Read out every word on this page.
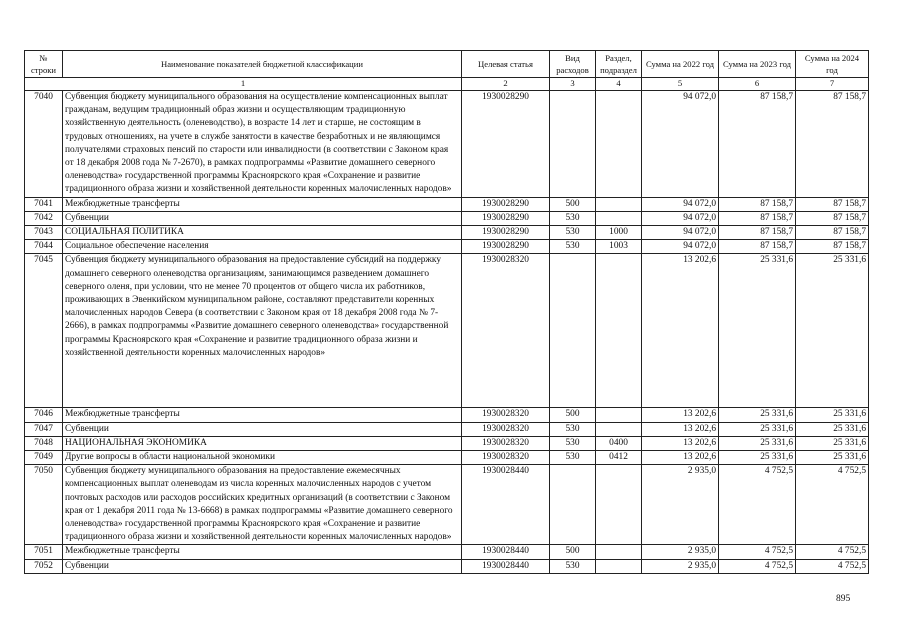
№ строки	Наименование показателей бюджетной классификации	Целевая статья	Вид расходов	Раздел, подраздел	Сумма на 2022 год	Сумма на 2023 год	Сумма на 2024 год
1		2	3	4	5	6	7
7040	Субвенция бюджету муниципального образования на осуществление компенсационных выплат гражданам, ведущим традиционный образ жизни и осуществляющим традиционную хозяйственную деятельность (оленеводство), в возрасте 14 лет и старше, не состоящим в трудовых отношениях, на учете в службе занятости в качестве безработных и не являющимся получателями страховых пенсий по старости или инвалидности (в соответствии с Законом края от 18 декабря 2008 года № 7-2670), в рамках подпрограммы «Развитие домашнего северного оленеводства» государственной программы Красноярского края «Сохранение и развитие традиционного образа жизни и хозяйственной деятельности коренных малочисленных народов»	1930028290			94 072,0	87 158,7	87 158,7
7041	Межбюджетные трансферты	1930028290	500		94 072,0	87 158,7	87 158,7
7042	Субвенции	1930028290	530		94 072,0	87 158,7	87 158,7
7043	СОЦИАЛЬНАЯ ПОЛИТИКА	1930028290	530	1000	94 072,0	87 158,7	87 158,7
7044	Социальное обеспечение населения	1930028290	530	1003	94 072,0	87 158,7	87 158,7
7045	Субвенция бюджету муниципального образования на предоставление субсидий на поддержку домашнего северного оленеводства организациям, занимающимся разведением домашнего северного оленя, при условии, что не менее 70 процентов от общего числа их работников, проживающих в Эвенкийском муниципальном районе, составляют представители коренных малочисленных народов Севера (в соответствии с Законом края от 18 декабря 2008 года № 7-2666), в рамках подпрограммы «Развитие домашнего северного оленеводства» государственной программы Красноярского края «Сохранение и развитие традиционного образа жизни и хозяйственной деятельности коренных малочисленных народов»	1930028320			13 202,6	25 331,6	25 331,6
7046	Межбюджетные трансферты	1930028320	500		13 202,6	25 331,6	25 331,6
7047	Субвенции	1930028320	530		13 202,6	25 331,6	25 331,6
7048	НАЦИОНАЛЬНАЯ ЭКОНОМИКА	1930028320	530	0400	13 202,6	25 331,6	25 331,6
7049	Другие вопросы в области национальной экономики	1930028320	530	0412	13 202,6	25 331,6	25 331,6
7050	Субвенция бюджету муниципального образования на предоставление ежемесячных компенсационных выплат оленеводам из числа коренных малочисленных народов с учетом почтовых расходов или расходов российских кредитных организаций (в соответствии с Законом края от 1 декабря 2011 года № 13-6668) в рамках подпрограммы «Развитие домашнего северного оленеводства» государственной программы Красноярского края «Сохранение и развитие традиционного образа жизни и хозяйственной деятельности коренных малочисленных народов»	1930028440			2 935,0	4 752,5	4 752,5
7051	Межбюджетные трансферты	1930028440	500		2 935,0	4 752,5	4 752,5
7052	Субвенции	1930028440	530		2 935,0	4 752,5	4 752,5
895
